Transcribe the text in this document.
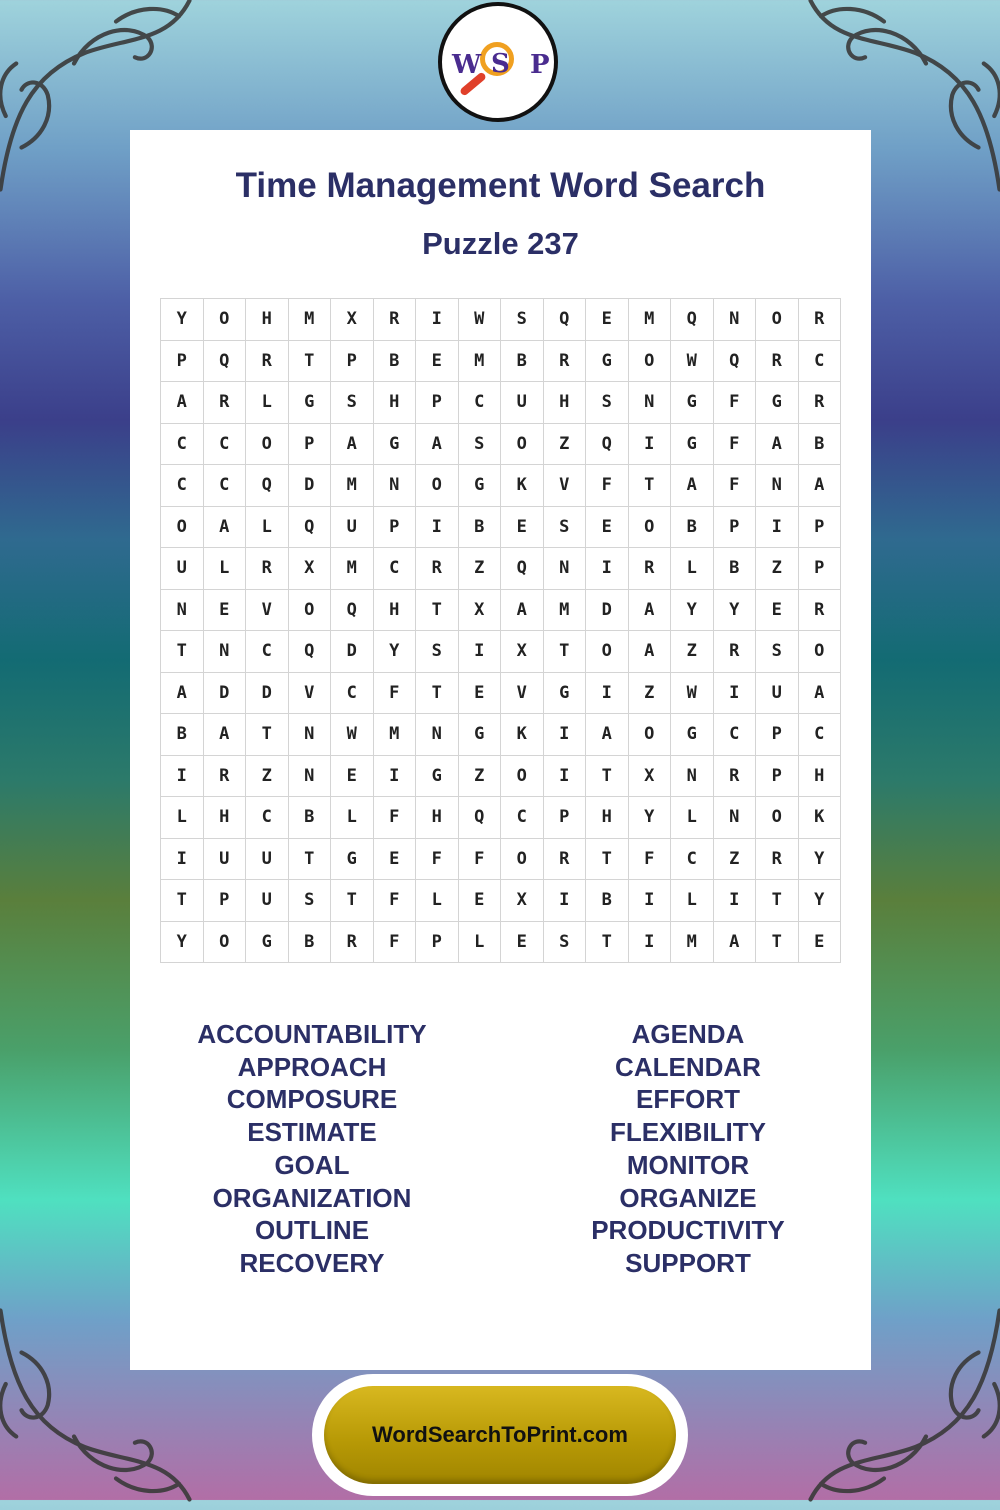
W S P
Time Management Word Search
Puzzle 237
Y	O	H	M	X	R	I	W	S	Q	E	M	Q	N	O	R
P	Q	R	T	P	B	E	M	B	R	G	O	W	Q	R	C
A	R	L	G	S	H	P	C	U	H	S	N	G	F	G	R
C	C	O	P	A	G	A	S	O	Z	Q	I	G	F	A	B
C	C	Q	D	M	N	O	G	K	V	F	T	A	F	N	A
O	A	L	Q	U	P	I	B	E	S	E	O	B	P	I	P
U	L	R	X	M	C	R	Z	Q	N	I	R	L	B	Z	P
N	E	V	O	Q	H	T	X	A	M	D	A	Y	Y	E	R
T	N	C	Q	D	Y	S	I	X	T	O	A	Z	R	S	O
A	D	D	V	C	F	T	E	V	G	I	Z	W	I	U	A
B	A	T	N	W	M	N	G	K	I	A	O	G	C	P	C
I	R	Z	N	E	I	G	Z	O	I	T	X	N	R	P	H
L	H	C	B	L	F	H	Q	C	P	H	Y	L	N	O	K
I	U	U	T	G	E	F	F	O	R	T	F	C	Z	R	Y
T	P	U	S	T	F	L	E	X	I	B	I	L	I	T	Y
Y	O	G	B	R	F	P	L	E	S	T	I	M	A	T	E
ACCOUNTABILITY
APPROACH
COMPOSURE
ESTIMATE
GOAL
ORGANIZATION
OUTLINE
RECOVERY
AGENDA
CALENDAR
EFFORT
FLEXIBILITY
MONITOR
ORGANIZE
PRODUCTIVITY
SUPPORT
WordSearchToPrint.com
